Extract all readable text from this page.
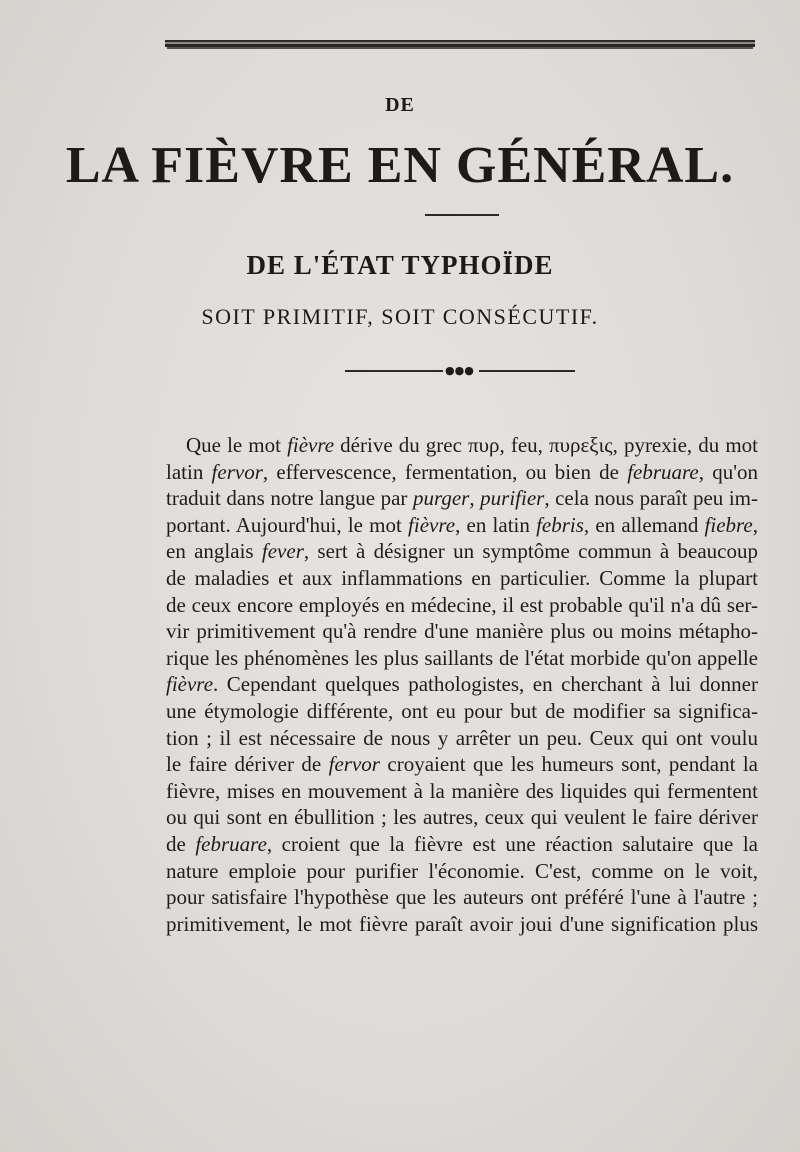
DE
LA FIÈVRE EN GÉNÉRAL.
DE L'ÉTAT TYPHOÏDE
SOIT PRIMITIF, SOIT CONSÉCUTIF.
●●●
Que le mot fièvre dérive du grec πυρ, feu, πυρεξις, pyrexie, du mot
latin fervor, effervescence, fermentation, ou bien de februare, qu'on
traduit dans notre langue par purger, purifier, cela nous paraît peu im-
portant. Aujourd'hui, le mot fièvre, en latin febris, en allemand fiebre,
en anglais fever, sert à désigner un symptôme commun à beaucoup
de maladies et aux inflammations en particulier. Comme la plupart
de ceux encore employés en médecine, il est probable qu'il n'a dû ser-
vir primitivement qu'à rendre d'une manière plus ou moins métapho-
rique les phénomènes les plus saillants de l'état morbide qu'on appelle
fièvre. Cependant quelques pathologistes, en cherchant à lui donner
une étymologie différente, ont eu pour but de modifier sa significa-
tion ; il est nécessaire de nous y arrêter un peu. Ceux qui ont voulu
le faire dériver de fervor croyaient que les humeurs sont, pendant la
fièvre, mises en mouvement à la manière des liquides qui fermentent
ou qui sont en ébullition ; les autres, ceux qui veulent le faire dériver
de februare, croient que la fièvre est une réaction salutaire que la
nature emploie pour purifier l'économie. C'est, comme on le voit,
pour satisfaire l'hypothèse que les auteurs ont préféré l'une à l'autre ;
primitivement, le mot fièvre paraît avoir joui d'une signification plus
